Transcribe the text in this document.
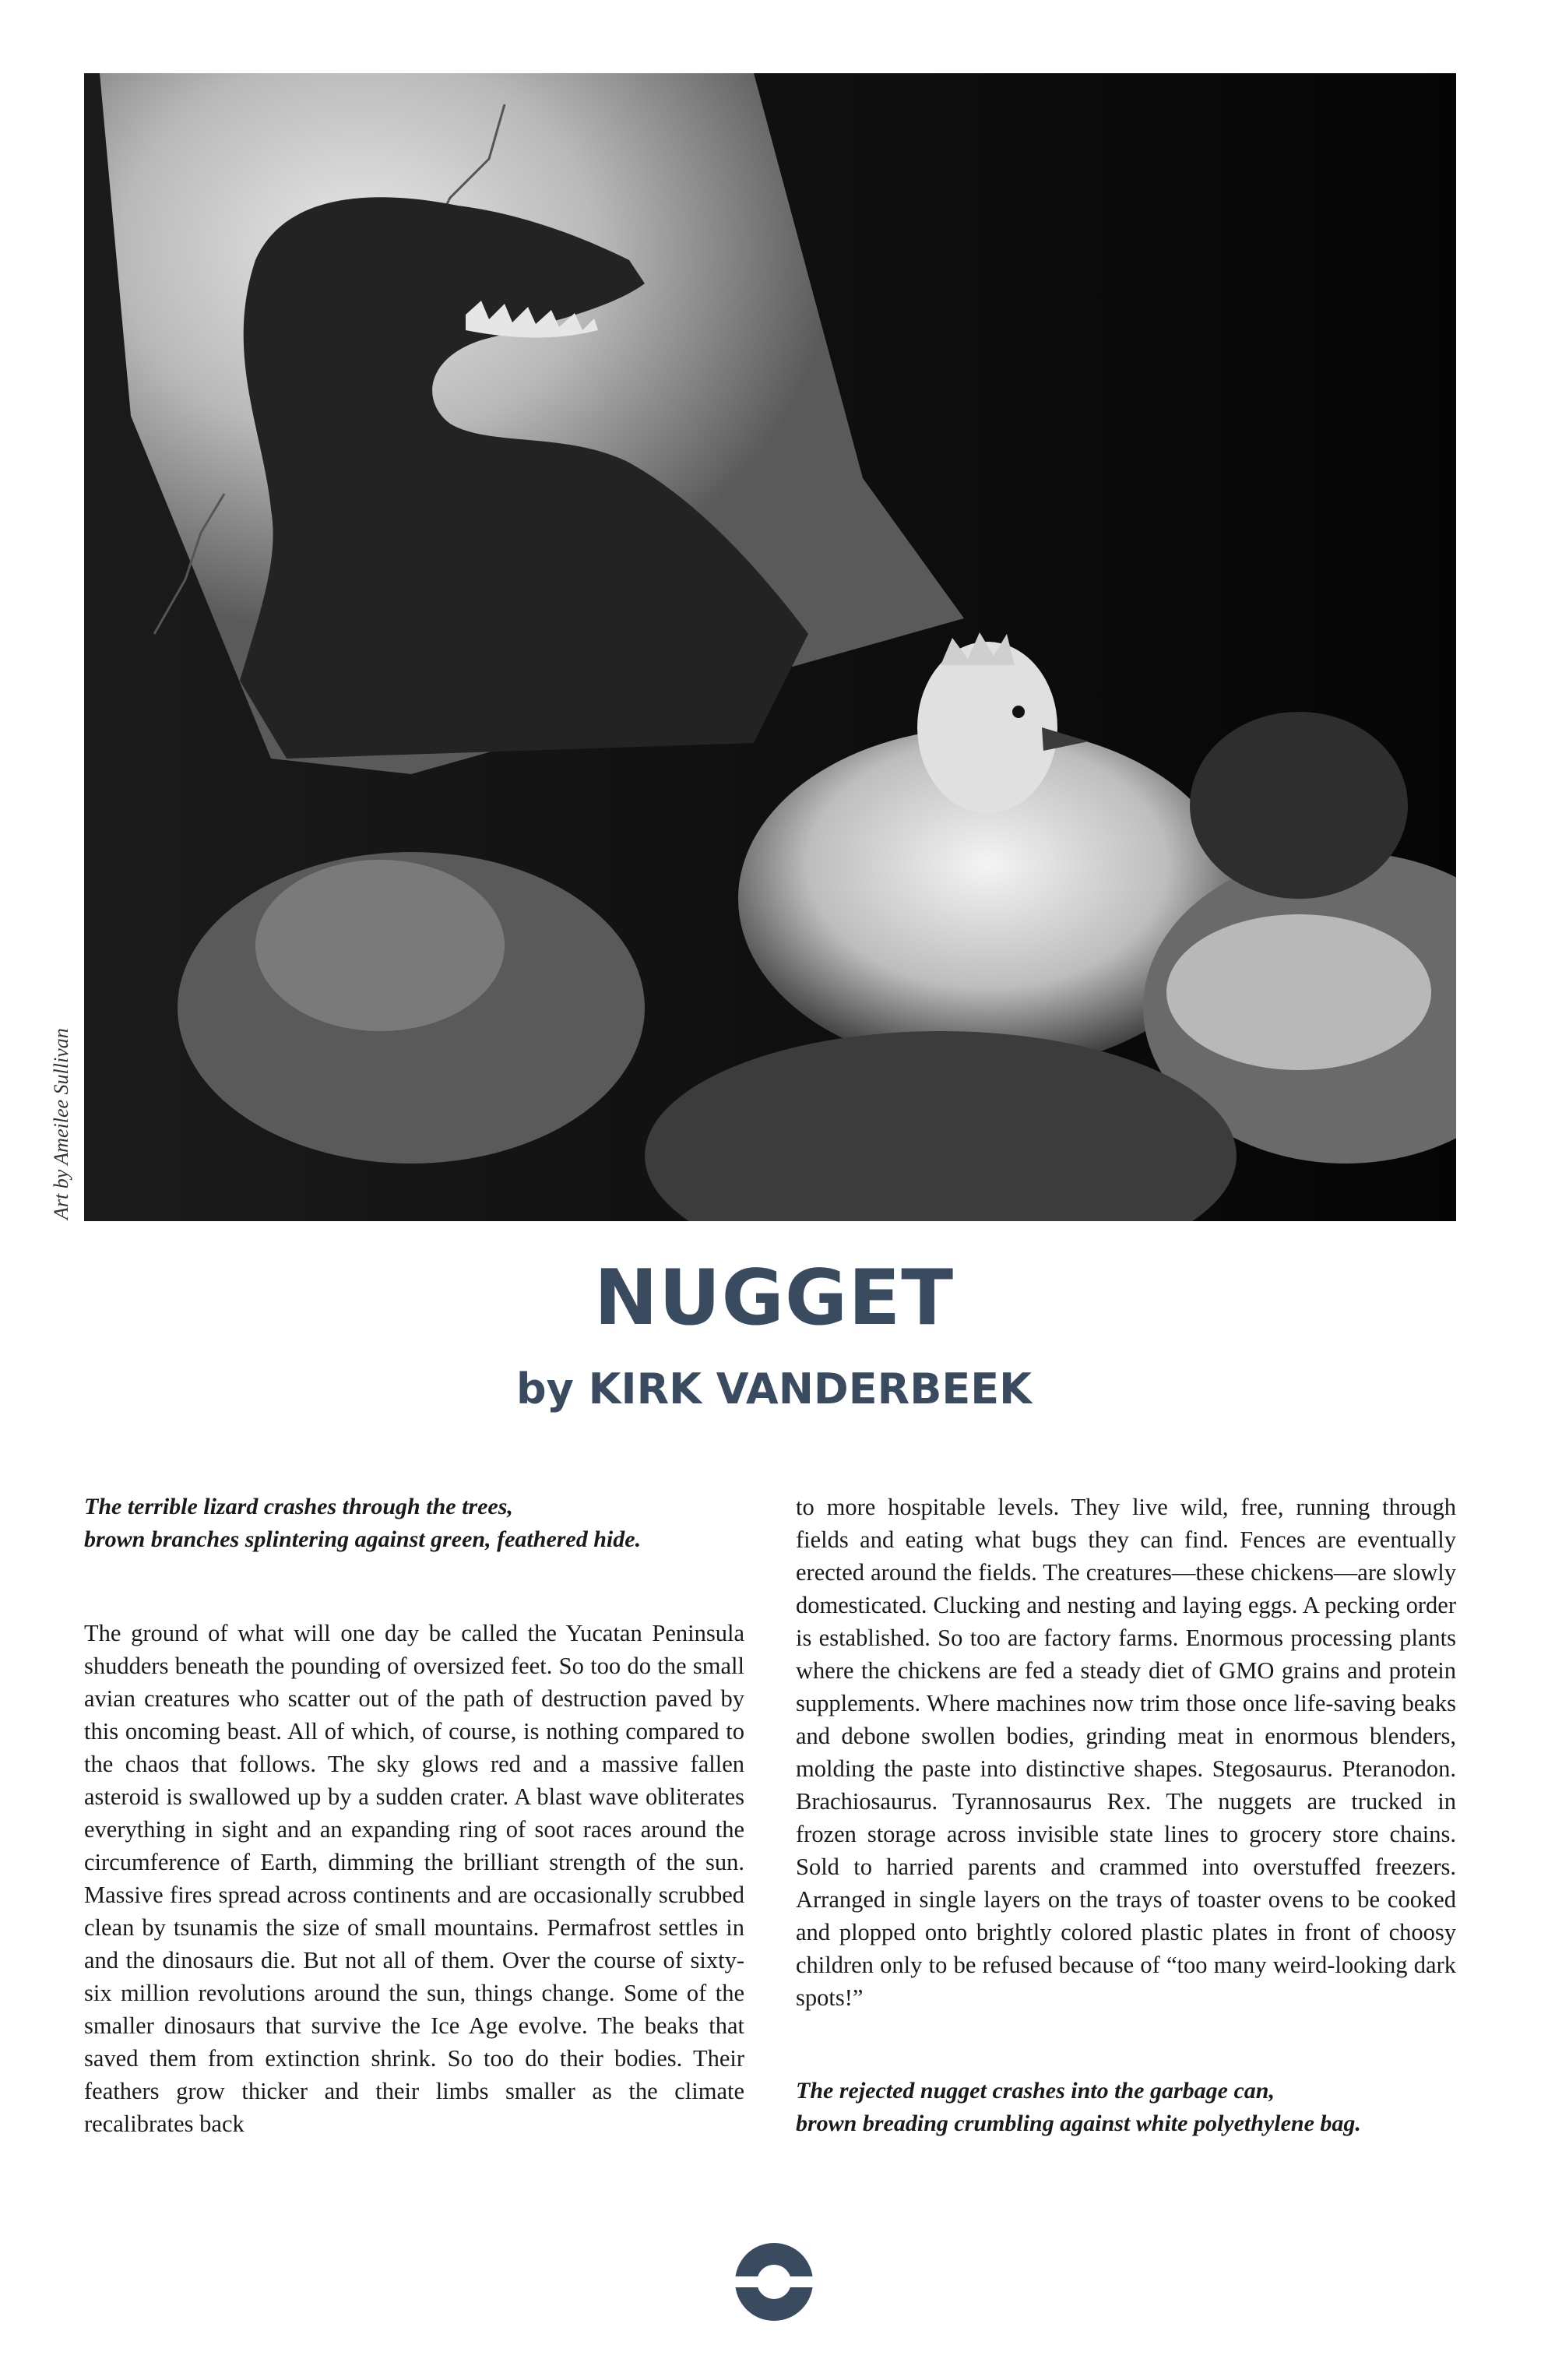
Art by Ameilee Sullivan
NUGGET
by KIRK VANDERBEEK
The terrible lizard crashes through the trees,
brown branches splintering against green, feathered hide.

The ground of what will one day be called the Yucatan Peninsula shudders beneath the pounding of oversized feet. So too do the small avian creatures who scatter out of the path of destruction paved by this oncoming beast. All of which, of course, is nothing compared to the chaos that follows. The sky glows red and a massive fallen asteroid is swallowed up by a sudden crater. A blast wave obliterates everything in sight and an expanding ring of soot races around the circumference of Earth, dimming the brilliant strength of the sun. Massive fires spread across continents and are occasionally scrubbed clean by tsunamis the size of small mountains. Permafrost settles in and the dinosaurs die. But not all of them. Over the course of sixty-six million revolutions around the sun, things change. Some of the smaller dinosaurs that survive the Ice Age evolve. The beaks that saved them from extinction shrink. So too do their bodies. Their feathers grow thicker and their limbs smaller as the climate recalibrates back

to more hospitable levels. They live wild, free, running through fields and eating what bugs they can find. Fences are eventually erected around the fields. The creatures—these chickens—are slowly domesticated. Clucking and nesting and laying eggs. A pecking order is established. So too are factory farms. Enormous processing plants where the chickens are fed a steady diet of GMO grains and protein supplements. Where machines now trim those once life-saving beaks and debone swollen bodies, grinding meat in enormous blenders, molding the paste into distinctive shapes. Stegosaurus. Pteranodon. Brachiosaurus. Tyrannosaurus Rex. The nuggets are trucked in frozen storage across invisible state lines to grocery store chains. Sold to harried parents and crammed into overstuffed freezers. Arranged in single layers on the trays of toaster ovens to be cooked and plopped onto brightly colored plastic plates in front of choosy children only to be refused because of “too many weird-looking dark spots!”

The rejected nugget crashes into the garbage can,
brown breading crumbling against white polyethylene bag.
